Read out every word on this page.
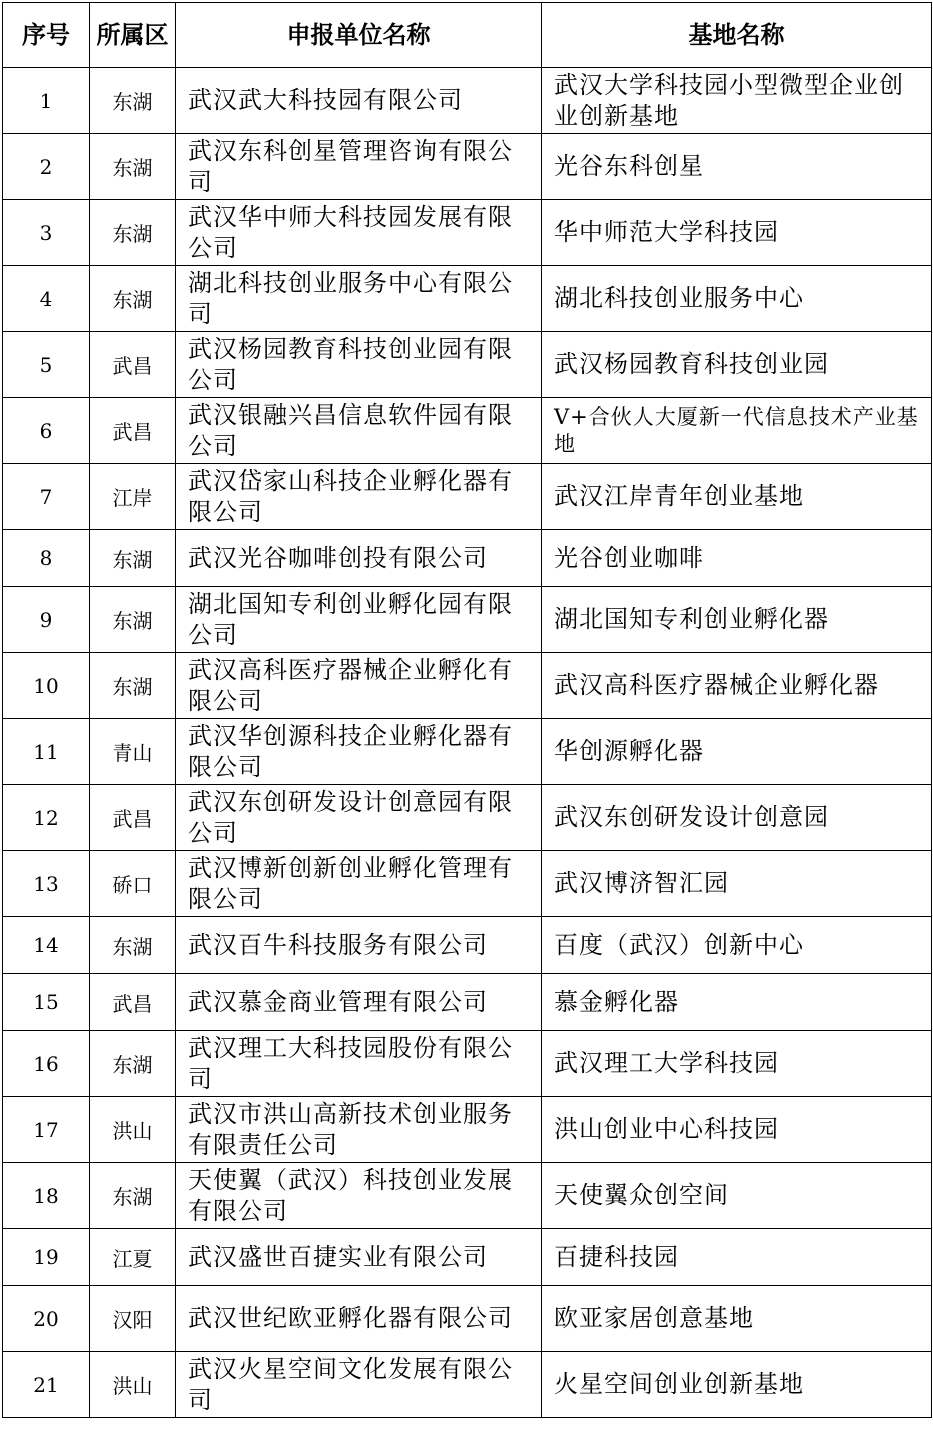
序号	所属区	申报单位名称	基地名称
1	东湖	武汉武大科技园有限公司	武汉大学科技园小型微型企业创业创新基地
2	东湖	武汉东科创星管理咨询有限公司	光谷东科创星
3	东湖	武汉华中师大科技园发展有限公司	华中师范大学科技园
4	东湖	湖北科技创业服务中心有限公司	湖北科技创业服务中心
5	武昌	武汉杨园教育科技创业园有限公司	武汉杨园教育科技创业园
6	武昌	武汉银融兴昌信息软件园有限公司	V+合伙人大厦新一代信息技术产业基地
7	江岸	武汉岱家山科技企业孵化器有限公司	武汉江岸青年创业基地
8	东湖	武汉光谷咖啡创投有限公司	光谷创业咖啡
9	东湖	湖北国知专利创业孵化园有限公司	湖北国知专利创业孵化器
10	东湖	武汉高科医疗器械企业孵化有限公司	武汉高科医疗器械企业孵化器
11	青山	武汉华创源科技企业孵化器有限公司	华创源孵化器
12	武昌	武汉东创研发设计创意园有限公司	武汉东创研发设计创意园
13	硚口	武汉博新创新创业孵化管理有限公司	武汉博济智汇园
14	东湖	武汉百牛科技服务有限公司	百度（武汉）创新中心
15	武昌	武汉慕金商业管理有限公司	慕金孵化器
16	东湖	武汉理工大科技园股份有限公司	武汉理工大学科技园
17	洪山	武汉市洪山高新技术创业服务有限责任公司	洪山创业中心科技园
18	东湖	天使翼（武汉）科技创业发展有限公司	天使翼众创空间
19	江夏	武汉盛世百捷实业有限公司	百捷科技园
20	汉阳	武汉世纪欧亚孵化器有限公司	欧亚家居创意基地
21	洪山	武汉火星空间文化发展有限公司	火星空间创业创新基地
